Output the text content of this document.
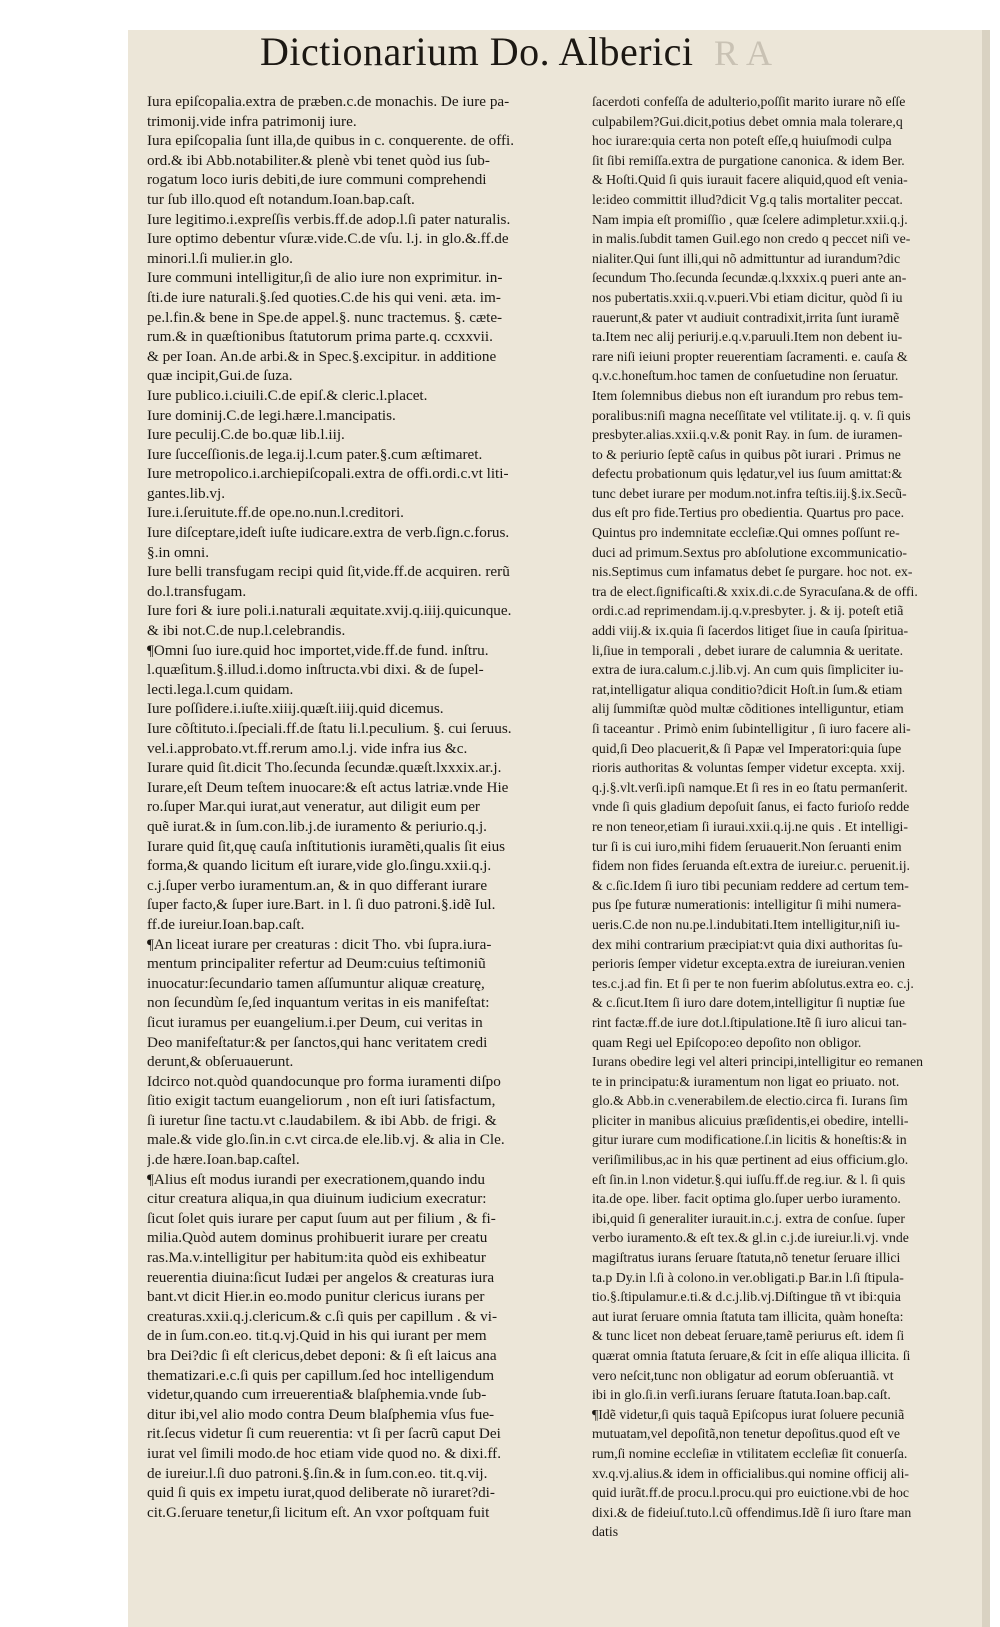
Dictionarium Do. Alberici R A
Iura epiſcopalia.extra de præben.c.de monachis. De iure pa-
trimonij.vide infra patrimonij iure.
Iura epiſcopalia ſunt illa,de quibus in c. conquerente. de offi.
ord.& ibi Abb.notabiliter.& plenè vbi tenet quòd ius ſub-
rogatum loco iuris debiti,de iure communi comprehendi
tur ſub illo.quod eſt notandum.Ioan.bap.caſt.
Iure legitimo.i.expreſſis verbis.ff.de adop.l.ſi pater naturalis.
Iure optimo debentur vſuræ.vide.C.de vſu. l.j. in glo.&.ff.de
minori.l.ſi mulier.in glo.
Iure communi intelligitur,ſi de alio iure non exprimitur. in-
ſti.de iure naturali.§.ſed quoties.C.de his qui veni. æta. im-
pe.l.fin.& bene in Spe.de appel.§. nunc tractemus. §. cæte-
rum.& in quæſtionibus ſtatutorum prima parte.q. ccxxvii.
& per Ioan. An.de arbi.& in Spec.§.excipitur. in additione
quæ incipit,Gui.de ſuza.
Iure publico.i.ciuili.C.de epiſ.& cleric.l.placet.
Iure dominij.C.de legi.hære.l.mancipatis.
Iure peculij.C.de bo.quæ lib.l.iij.
Iure ſucceſſionis.de lega.ij.l.cum pater.§.cum æſtimaret.
Iure metropolico.i.archiepiſcopali.extra de offi.ordi.c.vt liti-
gantes.lib.vj.
Iure.i.ſeruitute.ff.de ope.no.nun.l.creditori.
Iure diſceptare,ideſt iuſte iudicare.extra de verb.ſign.c.forus.
§.in omni.
Iure belli transfugam recipi quid ſit,vide.ff.de acquiren. rerũ
do.l.transfugam.
Iure fori & iure poli.i.naturali æquitate.xvij.q.iiij.quicunque.
& ibi not.C.de nup.l.celebrandis.
¶Omni ſuo iure.quid hoc importet,vide.ff.de fund. inſtru.
l.quæſitum.§.illud.i.domo inſtructa.vbi dixi. & de ſupel-
lecti.lega.l.cum quidam.
Iure poſſidere.i.iuſte.xiiij.quæſt.iiij.quid dicemus.
Iure cõſtituto.i.ſpeciali.ff.de ſtatu li.l.peculium. §. cui ſeruus.
vel.i.approbato.vt.ff.rerum amo.l.j. vide infra ius &c.
Iurare quid ſit.dicit Tho.ſecunda ſecundæ.quæſt.lxxxix.ar.j.
Iurare,eſt Deum teſtem inuocare:& eſt actus latriæ.vnde Hie
ro.ſuper Mar.qui iurat,aut veneratur, aut diligit eum per
quẽ iurat.& in ſum.con.lib.j.de iuramento & periurio.q.j.
Iurare quid ſit,quę cauſa inſtitutionis iuramẽti,qualis ſit eius
forma,& quando licitum eſt iurare,vide glo.ſingu.xxii.q.j.
c.j.ſuper verbo iuramentum.an, & in quo differant iurare
ſuper facto,& ſuper iure.Bart. in l. ſi duo patroni.§.idẽ Iul.
ff.de iureiur.Ioan.bap.caſt.
¶An liceat iurare per creaturas : dicit Tho. vbi ſupra.iura-
mentum principaliter refertur ad Deum:cuius teſtimoniũ
inuocatur:ſecundario tamen aſſumuntur aliquæ creaturę,
non ſecundùm ſe,ſed inquantum veritas in eis manifeſtat:
ſicut iuramus per euangelium.i.per Deum, cui veritas in
Deo manifeſtatur:& per ſanctos,qui hanc veritatem credi
derunt,& obſeruauerunt.
Idcirco not.quòd quandocunque pro forma iuramenti diſpo
ſitio exigit tactum euangeliorum , non eſt iuri ſatisfactum,
ſi iuretur ſine tactu.vt c.laudabilem. & ibi Abb. de frigi. &
male.& vide glo.ſin.in c.vt circa.de ele.lib.vj. & alia in Cle.
j.de hære.Ioan.bap.caſtel.
¶Alius eſt modus iurandi per execrationem,quando indu
citur creatura aliqua,in qua diuinum iudicium execratur:
ſicut ſolet quis iurare per caput ſuum aut per filium , & fi-
milia.Quòd autem dominus prohibuerit iurare per creatu
ras.Ma.v.intelligitur per habitum:ita quòd eis exhibeatur
reuerentia diuina:ſicut Iudæi per angelos & creaturas iura
bant.vt dicit Hier.in eo.modo punitur clericus iurans per
creaturas.xxii.q.j.clericum.& c.ſi quis per capillum . & vi-
de in ſum.con.eo. tit.q.vj.Quid in his qui iurant per mem
bra Dei?dic ſi eſt clericus,debet deponi: & ſi eſt laicus ana
thematizari.e.c.ſi quis per capillum.ſed hoc intelligendum
videtur,quando cum irreuerentia& blaſphemia.vnde ſub-
ditur ibi,vel alio modo contra Deum blaſphemia vſus fue-
rit.ſecus videtur ſi cum reuerentia: vt ſi per ſacrũ caput Dei
iurat vel ſimili modo.de hoc etiam vide quod no. & dixi.ff.
de iureiur.l.ſi duo patroni.§.ſin.& in ſum.con.eo. tit.q.vij.
quid ſi quis ex impetu iurat,quod deliberate nõ iuraret?di-
cit.G.ſeruare tenetur,ſi licitum eſt. An vxor poſtquam fuit
ſacerdoti confeſſa de adulterio,poſſit marito iurare nõ eſſe
culpabilem?Gui.dicit,potius debet omnia mala tolerare,q
hoc iurare:quia certa non poteſt eſſe,q huiuſmodi culpa
ſit ſibi remiſſa.extra de purgatione canonica. & idem Ber.
& Hoſti.Quid ſi quis iurauit facere aliquid,quod eſt venia-
le:ideo committit illud?dicit Vg.q talis mortaliter peccat.
Nam impia eſt promiſſio , quæ ſcelere adimpletur.xxii.q.j.
in malis.ſubdit tamen Guil.ego non credo q peccet niſi ve-
nialiter.Qui ſunt illi,qui nõ admittuntur ad iurandum?dic
ſecundum Tho.ſecunda ſecundæ.q.lxxxix.q pueri ante an-
nos pubertatis.xxii.q.v.pueri.Vbi etiam dicitur, quòd ſi iu
rauerunt,& pater vt audiuit contradixit,irrita ſunt iuramẽ
ta.Item nec alij periurij.e.q.v.paruuli.Item non debent iu-
rare niſi ieiuni propter reuerentiam ſacramenti. e. cauſa &
q.v.c.honeſtum.hoc tamen de conſuetudine non ſeruatur.
Item ſolemnibus diebus non eſt iurandum pro rebus tem-
poralibus:niſi magna neceſſitate vel vtilitate.ij. q. v. ſi quis
presbyter.alias.xxii.q.v.& ponit Ray. in ſum. de iuramen-
to & periurio ſeptẽ caſus in quibus põt iurari . Primus ne
defectu probationum quis lędatur,vel ius ſuum amittat:&
tunc debet iurare per modum.not.infra teſtis.iij.§.ix.Secũ-
dus eſt pro fide.Tertius pro obedientia. Quartus pro pace.
Quintus pro indemnitate eccleſiæ.Qui omnes poſſunt re-
duci ad primum.Sextus pro abſolutione excommunicatio-
nis.Septimus cum infamatus debet ſe purgare. hoc not. ex-
tra de elect.ſignificaſti.& xxix.di.c.de Syracuſana.& de offi.
ordi.c.ad reprimendam.ij.q.v.presbyter. j. & ij. poteſt etiã
addi viij.& ix.quia ſi ſacerdos litiget ſiue in cauſa ſpiritua-
li,ſiue in temporali , debet iurare de calumnia & ueritate.
extra de iura.calum.c.j.lib.vj. An cum quis ſimpliciter iu-
rat,intelligatur aliqua conditio?dicit Hoſt.in ſum.& etiam
alij ſummiſtæ quòd multæ cõditiones intelliguntur, etiam
ſi taceantur . Primò enim ſubintelligitur , ſi iuro facere ali-
quid,ſi Deo placuerit,& ſi Papæ vel Imperatori:quia ſupe
rioris authoritas & voluntas ſemper videtur excepta. xxij.
q.j.§.vlt.verſi.ipſi namque.Et ſi res in eo ſtatu permanſerit.
vnde ſi quis gladium depoſuit ſanus, ei facto furioſo redde
re non teneor,etiam ſi iuraui.xxii.q.ij.ne quis . Et intelligi-
tur ſi is cui iuro,mihi fidem ſeruauerit.Non ſeruanti enim
fidem non fides ſeruanda eſt.extra de iureiur.c. peruenit.ij.
& c.ſic.Idem ſi iuro tibi pecuniam reddere ad certum tem-
pus ſpe futuræ numerationis: intelligitur ſi mihi numera-
ueris.C.de non nu.pe.l.indubitati.Item intelligitur,niſi iu-
dex mihi contrarium præcipiat:vt quia dixi authoritas ſu-
perioris ſemper videtur excepta.extra de iureiuran.venien
tes.c.j.ad fin. Et ſi per te non fuerim abſolutus.extra eo. c.j.
& c.ſicut.Item ſi iuro dare dotem,intelligitur ſi nuptiæ ſue
rint factæ.ff.de iure dot.l.ſtipulatione.Itẽ ſi iuro alicui tan-
quam Regi uel Epiſcopo:eo depoſito non obligor.
Iurans obedire legi vel alteri principi,intelligitur eo remanen
te in principatu:& iuramentum non ligat eo priuato. not.
glo.& Abb.in c.venerabilem.de electio.circa fi. Iurans ſim
pliciter in manibus alicuius præſidentis,ei obedire, intelli-
gitur iurare cum modificatione.ſ.in licitis & honeſtis:& in
veriſimilibus,ac in his quæ pertinent ad eius officium.glo.
eſt ſin.in l.non videtur.§.qui iuſſu.ff.de reg.iur. & l. ſi quis
ita.de ope. liber. facit optima glo.ſuper uerbo iuramento.
ibi,quid ſi generaliter iurauit.in.c.j. extra de conſue. ſuper
verbo iuramento.& eſt tex.& gl.in c.j.de iureiur.li.vj. vnde
magiſtratus iurans ſeruare ſtatuta,nõ tenetur ſeruare illici
ta.p Dy.in l.ſi à colono.in ver.obligati.p Bar.in l.ſi ſtipula-
tio.§.ſtipulamur.e.ti.& d.c.j.lib.vj.Diſtingue tñ vt ibi:quia
aut iurat ſeruare omnia ſtatuta tam illicita, quàm honeſta:
& tunc licet non debeat ſeruare,tamẽ periurus eſt. idem ſi
quærat omnia ſtatuta ſeruare,& ſcit in eſſe aliqua illicita. ſi
vero neſcit,tunc non obligatur ad eorum obſeruantiã. vt
ibi in glo.ſi.in verſi.iurans ſeruare ſtatuta.Ioan.bap.caſt.
¶Idẽ videtur,ſi quis taquã Epiſcopus iurat ſoluere pecuniã
mutuatam,vel depoſitã,non tenetur depoſitus.quod eſt ve
rum,ſi nomine eccleſiæ in vtilitatem eccleſiæ ſit conuerſa.
xv.q.vj.alius.& idem in officialibus.qui nomine officij ali-
quid iurãt.ff.de procu.l.procu.qui pro euictione.vbi de hoc
dixi.& de fideiuſ.tuto.l.cũ offendimus.Idẽ ſi iuro ſtare man
datis
